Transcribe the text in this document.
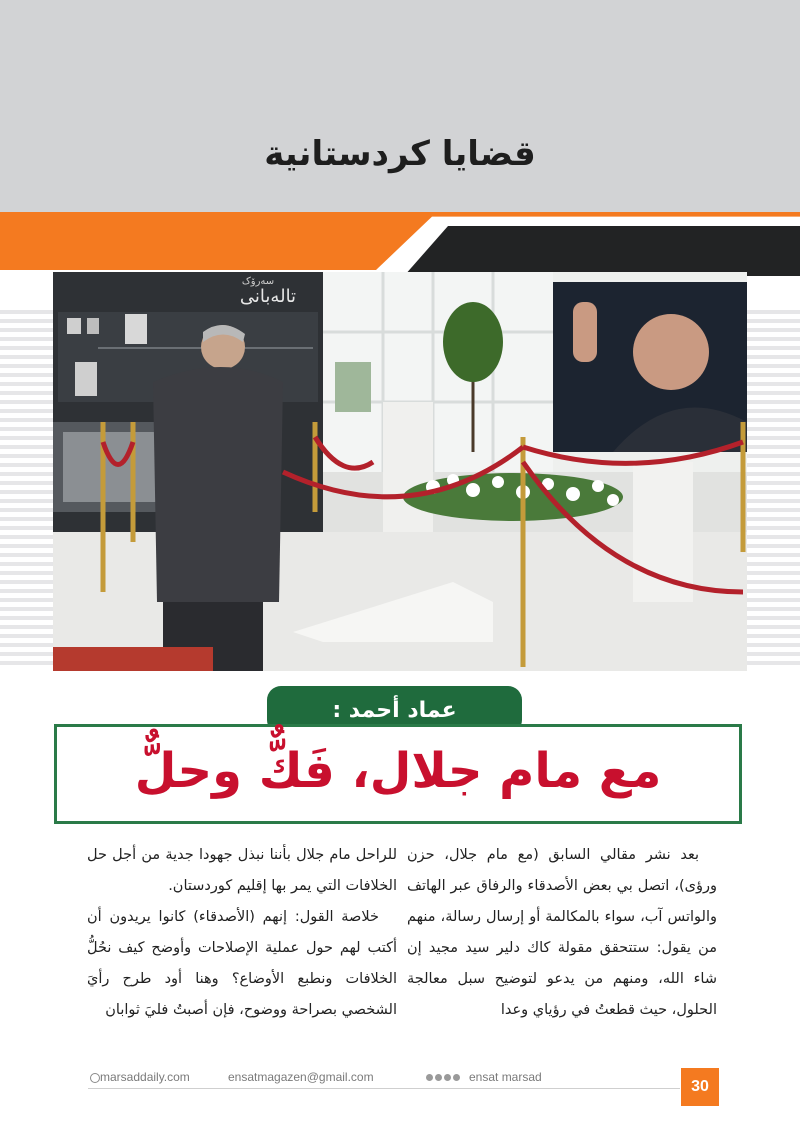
قضايا كردستانية
تالەبانی
سەرۆک
عماد أحمد :
مع مام جلال، فَكٌّ وحلٌّ

بعد نشر مقالي السابق (مع مام جلال، حزن ورؤى)، اتصل بي بعض الأصدقاء والرفاق عبر الهاتف والواتس آب، سواء بالمكالمة أو إرسال رسالة، منهم من يقول: ستتحقق مقولة كاك دلير سيد مجيد إن شاء الله، ومنهم من يدعو لتوضيح سبل معالجة الحلول، حيث قطعتُ في رؤياي وعدا

للراحل مام جلال بأننا نبذل جهودا جدية من أجل حل الخلافات التي يمر بها إقليم كوردستان.

خلاصة القول: إنهم (الأصدقاء) كانوا يريدون أن أكتب لهم حول عملية الإصلاحات وأوضح كيف نحُلُّ الخلافات ونطبع الأوضاع؟ وهنا أود طرح رأيَ الشخصي بصراحة ووضوح، فإن أصبتُ فليَ ثوابان

marsaddaily.com	ensatmagazen@gmail.com	ensat marsad
30
